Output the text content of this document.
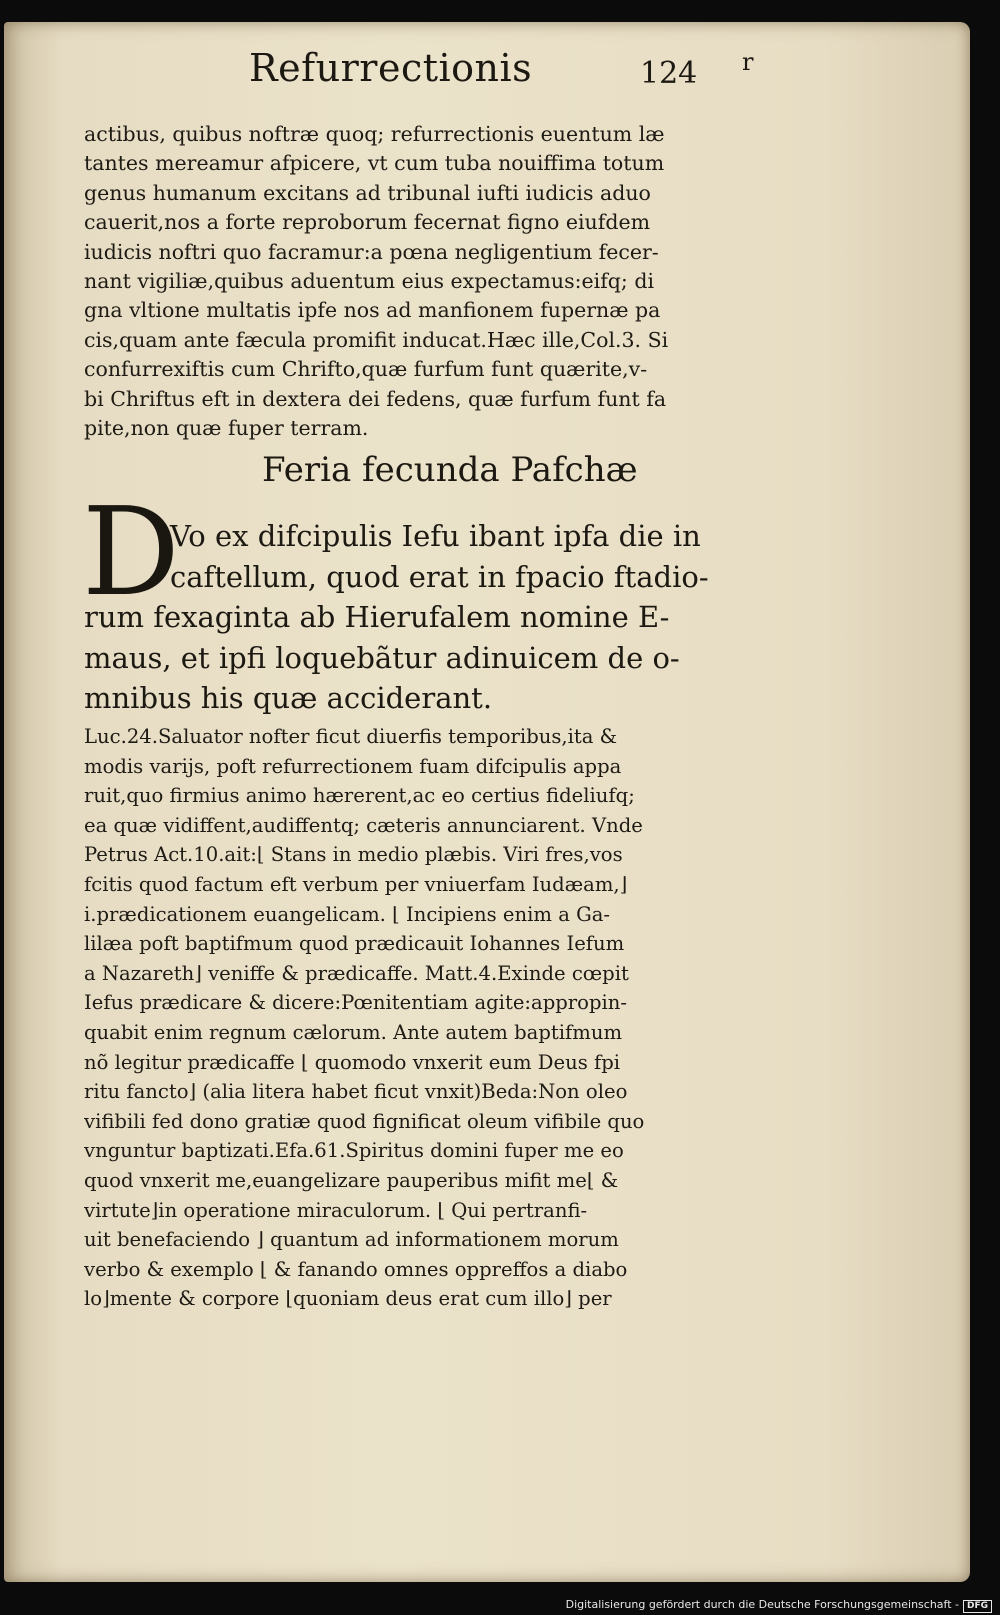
Refurrectionis	124 r
actibus, quibus noftræ quoq; refurrectionis euentum læ
tantes mereamur afpicere, vt cum tuba nouiffima totum
genus humanum excitans ad tribunal iufti iudicis aduo
cauerit,nos a forte reproborum fecernat figno eiufdem
iudicis noftri quo facramur:a pœna negligentium fecer-
nant vigiliæ,quibus aduentum eius expectamus:eifq; di
gna vltione multatis ipfe nos ad manfionem fupernæ pa
cis,quam ante fæcula promifit inducat.Hæc ille,Col.3. Si
confurrexiftis cum Chrifto,quæ furfum funt quærite,v-
bi Chriftus eft in dextera dei fedens, quæ furfum funt fa
pite,non quæ fuper terram.
Feria fecunda Pafchæ
D
Vo ex difcipulis Iefu ibant ipfa die in
caftellum, quod erat in fpacio ftadio-
rum fexaginta ab Hierufalem nomine E-
maus, et ipfi loquebãtur adinuicem de o-
mnibus his quæ acciderant.
Luc.24.Saluator nofter ficut diuerfis temporibus,ita &
modis varijs, poft refurrectionem fuam difcipulis appa
ruit,quo firmius animo hærerent,ac eo certius fideliufq;
ea quæ vidiffent,audiffentq; cæteris annunciarent. Vnde
Petrus Act.10.ait:⌊ Stans in medio plæbis. Viri fres,vos
fcitis quod factum eft verbum per vniuerfam Iudæam,⌋
i.prædicationem euangelicam. ⌊ Incipiens enim a Ga-
lilæa poft baptifmum quod prædicauit Iohannes Iefum
a Nazareth⌋ veniffe & prædicaffe. Matt.4.Exinde cœpit
Iefus prædicare & dicere:Pœnitentiam agite:appropin-
quabit enim regnum cælorum. Ante autem baptifmum
nõ legitur prædicaffe ⌊ quomodo vnxerit eum Deus fpi
ritu fancto⌋ (alia litera habet ficut vnxit)Beda:Non oleo
vifibili fed dono gratiæ quod fignificat oleum vifibile quo
vnguntur baptizati.Efa.61.Spiritus domini fuper me eo
quod vnxerit me,euangelizare pauperibus mifit me⌊ &
virtute⌋in operatione miraculorum. ⌊ Qui pertranfi-
uit benefaciendo ⌋ quantum ad informationem morum
verbo & exemplo ⌊ & fanando omnes oppreffos a diabo
lo⌋mente & corpore ⌊quoniam deus erat cum illo⌋ per
Digitalisierung gefördert durch die Deutsche Forschungsgemeinschaft - DFG
